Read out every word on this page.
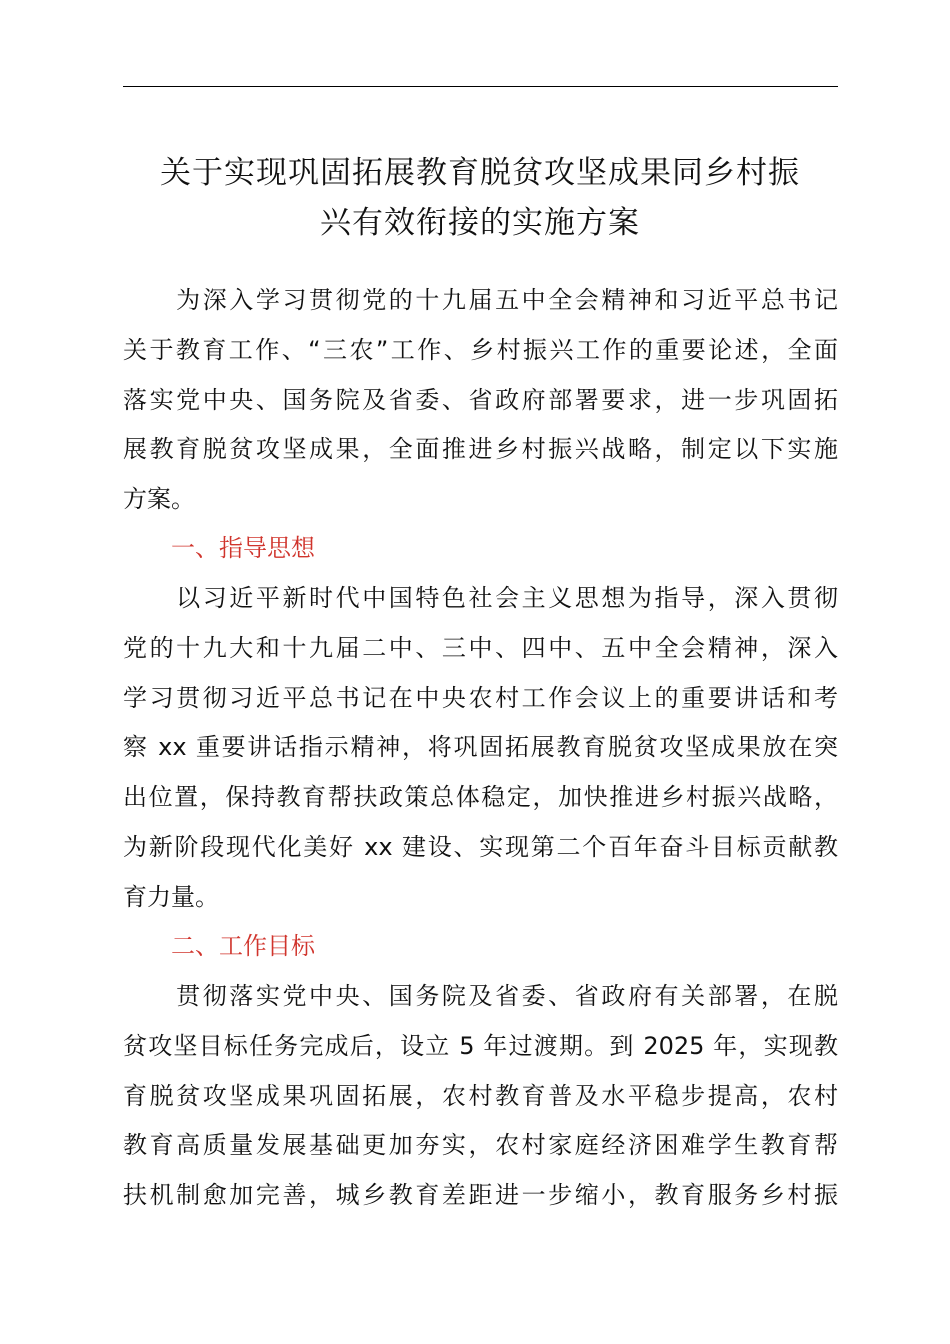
关于实现巩固拓展教育脱贫攻坚成果同乡村振
兴有效衔接的实施方案
　　为深入学习贯彻党的十九届五中全会精神和习近平总书记
关于教育工作、“三农”工作、乡村振兴工作的重要论述，全面
落实党中央、国务院及省委、省政府部署要求，进一步巩固拓
展教育脱贫攻坚成果，全面推进乡村振兴战略，制定以下实施
方案。
一、指导思想
　　以习近平新时代中国特色社会主义思想为指导，深入贯彻
党的十九大和十九届二中、三中、四中、五中全会精神，深入
学习贯彻习近平总书记在中央农村工作会议上的重要讲话和考
察 xx 重要讲话指示精神，将巩固拓展教育脱贫攻坚成果放在突
出位置，保持教育帮扶政策总体稳定，加快推进乡村振兴战略，
为新阶段现代化美好 xx 建设、实现第二个百年奋斗目标贡献教
育力量。
二、工作目标
　　贯彻落实党中央、国务院及省委、省政府有关部署，在脱
贫攻坚目标任务完成后，设立 5 年过渡期。到 2025 年，实现教
育脱贫攻坚成果巩固拓展，农村教育普及水平稳步提高，农村
教育高质量发展基础更加夯实，农村家庭经济困难学生教育帮
扶机制愈加完善，城乡教育差距进一步缩小，教育服务乡村振
